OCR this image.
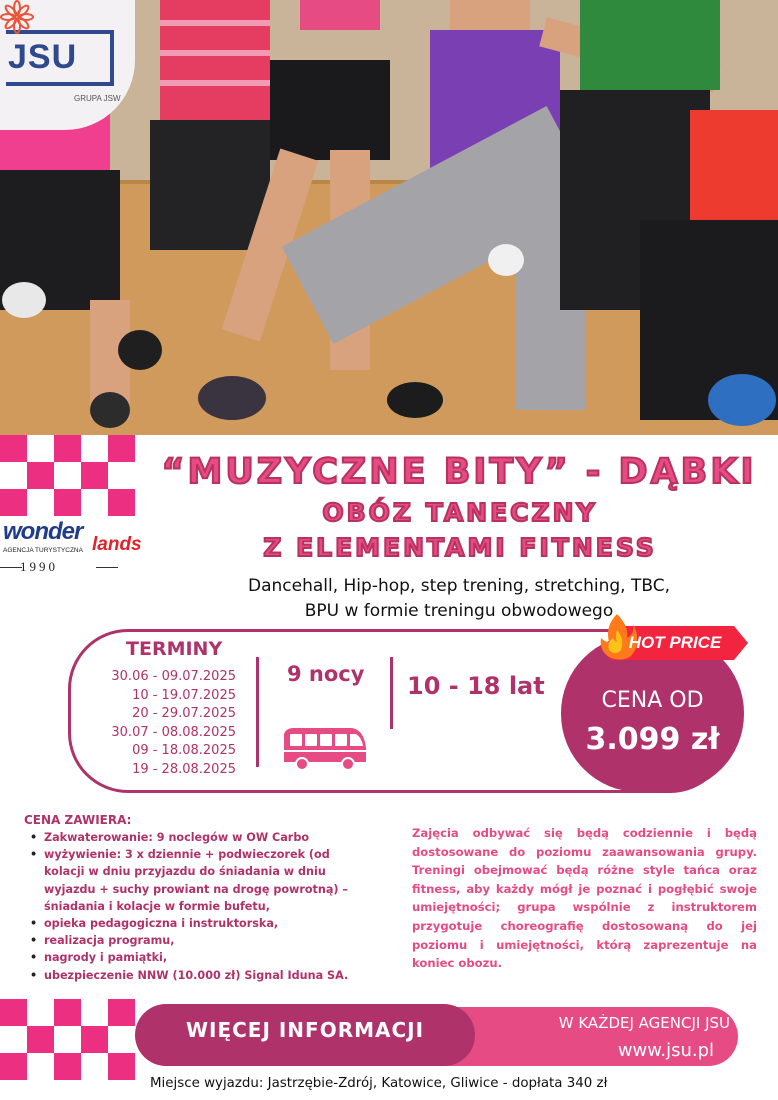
JSU
GRUPA JSW
wonder lands
AGENCJA TURYSTYCZNA
1990
“MUZYCZNE BITY” - DĄBKI
OBÓZ TANECZNY
Z ELEMENTAMI FITNESS
Dancehall, Hip-hop, step trening, stretching, TBC,
BPU w formie treningu obwodowego
TERMINY
30.06 - 09.07.2025
10 - 19.07.2025
20 - 29.07.2025
30.07 - 08.08.2025
09 - 18.08.2025
19 - 28.08.2025
9 nocy 10 - 18 lat
HOT PRICE
CENA OD
3.099 zł
CENA ZAWIERA:
• Zakwaterowanie: 9 noclegów w OW Carbo
• wyżywienie: 3 x dziennie + podwieczorek (od kolacji w dniu przyjazdu do śniadania w dniu wyjazdu + suchy prowiant na drogę powrotną) – śniadania i kolacje w formie bufetu,
• opieka pedagogiczna i instruktorska,
• realizacja programu,
• nagrody i pamiątki,
• ubezpieczenie NNW (10.000 zł) Signal Iduna SA.
Zajęcia odbywać się będą codziennie i będą dostosowane do poziomu zaawansowania grupy. Treningi obejmować będą różne style tańca oraz fitness, aby każdy mógł je poznać i pogłębić swoje umiejętności; grupa wspólnie z instruktorem przygotuje choreografię dostosowaną do jej poziomu i umiejętności, którą zaprezentuje na koniec obozu.
W KAŻDEJ AGENCJI JSU
www.jsu.pl
WIĘCEJ INFORMACJI
Miejsce wyjazdu: Jastrzębie-Zdrój, Katowice, Gliwice - dopłata 340 zł
